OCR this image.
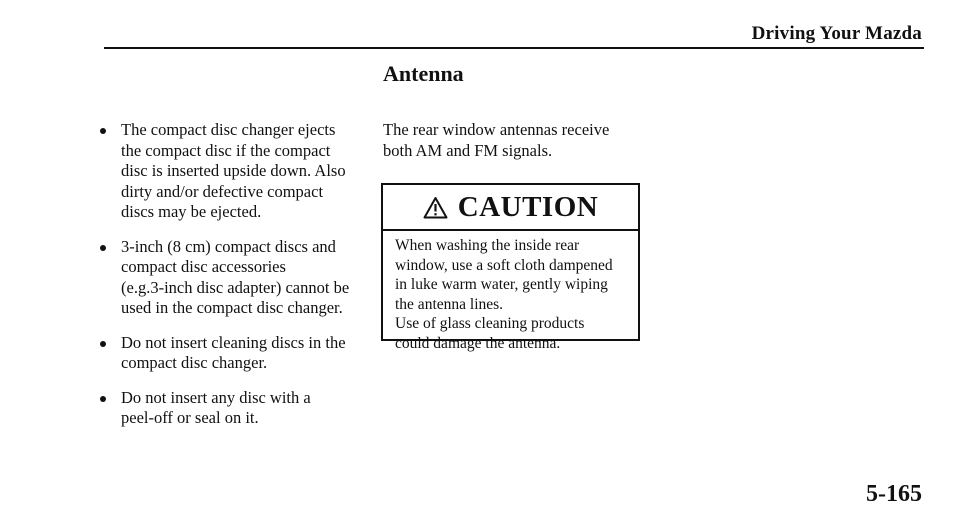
Driving Your Mazda
Antenna
The compact disc changer ejects
the compact disc if the compact
disc is inserted upside down. Also
dirty and/or defective compact
discs may be ejected.
3-inch (8 cm) compact discs and
compact disc accessories
(e.g.3-inch disc adapter) cannot be
used in the compact disc changer.
Do not insert cleaning discs in the
compact disc changer.
Do not insert any disc with a
peel-off or seal on it.
The rear window antennas receive
both AM and FM signals.
CAUTION
When washing the inside rear
window, use a soft cloth dampened
in luke warm water, gently wiping
the antenna lines.
Use of glass cleaning products
could damage the antenna.
5-165
